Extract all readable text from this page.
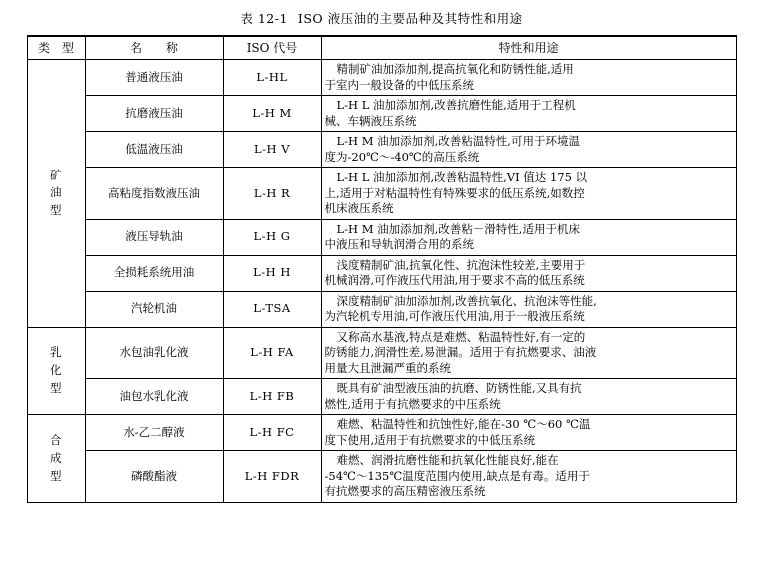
表 12-1 ISO 液压油的主要品种及其特性和用途
类　型	名　　称	ISO 代号	特性和用途

矿
油
型	普通液压油	L-HL	精制矿油加添加剂,提高抗氧化和防锈性能,适用
于室内一般设备的中低压系统

	抗磨液压油	L-H M	L-H L 油加添加剂,改善抗磨性能,适用于工程机
械、车辆液压系统

	低温液压油	L-H V	L-H M 油加添加剂,改善粘温特性,可用于环境温
度为-20℃～-40℃的高压系统

	高粘度指数液压油	L-H R	L-H L 油加添加剂,改善粘温特性,VI 值达 175 以
上,适用于对粘温特性有特殊要求的低压系统,如数控
机床液压系统

	液压导轨油	L-H G	L-H M 油加添加剂,改善粘－滑特性,适用于机床
中液压和导轨润滑合用的系统

	全损耗系统用油	L-H H	浅度精制矿油,抗氧化性、抗泡沫性较差,主要用于
机械润滑,可作液压代用油,用于要求不高的低压系统

	汽轮机油	L-TSA	深度精制矿油加添加剂,改善抗氧化、抗泡沫等性能,
为汽轮机专用油,可作液压代用油,用于一般液压系统

乳
化
型	水包油乳化液	L-H FA	又称高水基液,特点是难燃、粘温特性好,有一定的
防锈能力,润滑性差,易泄漏。适用于有抗燃要求、油液
用量大且泄漏严重的系统

	油包水乳化液	L-H FB	既具有矿油型液压油的抗磨、防锈性能,又具有抗
燃性,适用于有抗燃要求的中压系统

合
成
型	水-乙二醇液	L-H FC	难燃、粘温特性和抗蚀性好,能在-30 ℃～60 ℃温
度下使用,适用于有抗燃要求的中低压系统

	磷酸酯液	L-H FDR	难燃、润滑抗磨性能和抗氧化性能良好,能在
-54℃～135℃温度范围内使用,缺点是有毒。适用于
有抗燃要求的高压精密液压系统
